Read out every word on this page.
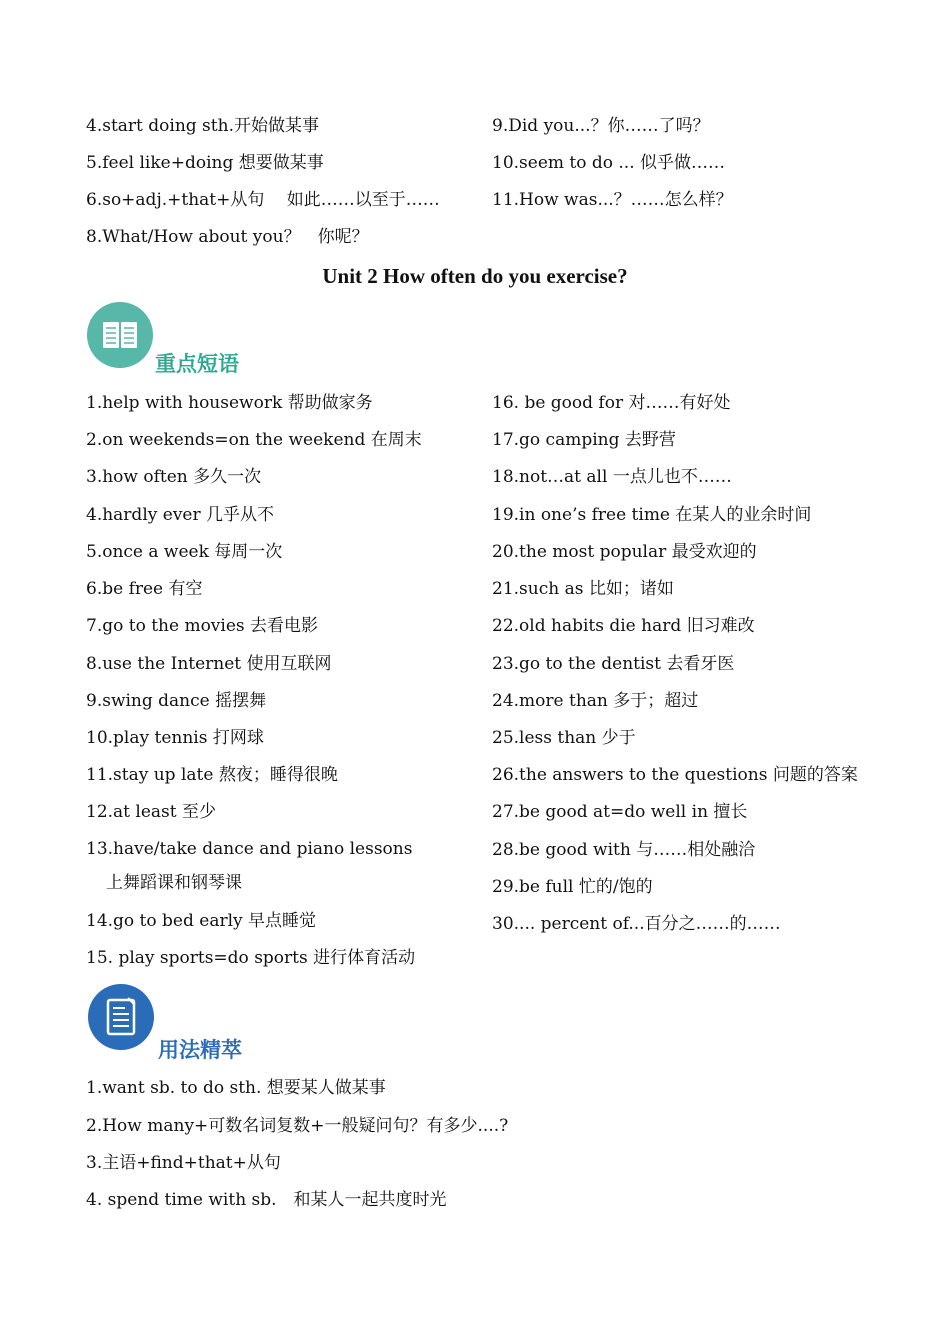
4.start doing sth.开始做某事
5.feel like+doing 想要做某事
6.so+adj.+that+从句　 如此……以至于……
8.What/How about you？　你呢？
9.Did you...？你……了吗？
10.seem to do ... 似乎做……
11.How was...？……怎么样？
Unit 2 How often do you exercise?
重点短语
1.help with housework 帮助做家务
2.on weekends=on the weekend 在周末
3.how often 多久一次
4.hardly ever 几乎从不
5.once a week 每周一次
6.be free 有空
7.go to the movies 去看电影
8.use the Internet 使用互联网
9.swing dance 摇摆舞
10.play tennis 打网球
11.stay up late 熬夜；睡得很晚
12.at least 至少
13.have/take dance and piano lessons
上舞蹈课和钢琴课
14.go to bed early 早点睡觉
15. play sports=do sports 进行体育活动
16. be good for 对……有好处
17.go camping 去野营
18.not…at all 一点儿也不……
19.in one’s free time 在某人的业余时间
20.the most popular 最受欢迎的
21.such as 比如；诸如
22.old habits die hard 旧习难改
23.go to the dentist 去看牙医
24.more than 多于；超过
25.less than 少于
26.the answers to the questions 问题的答案
27.be good at=do well in 擅长
28.be good with 与……相处融洽
29.be full 忙的/饱的
30.... percent of...百分之……的……
用法精萃
1.want sb. to do sth. 想要某人做某事
2.How many+可数名词复数+一般疑问句？有多少....?
3.主语+find+that+从句
4. spend time with sb.　和某人一起共度时光
